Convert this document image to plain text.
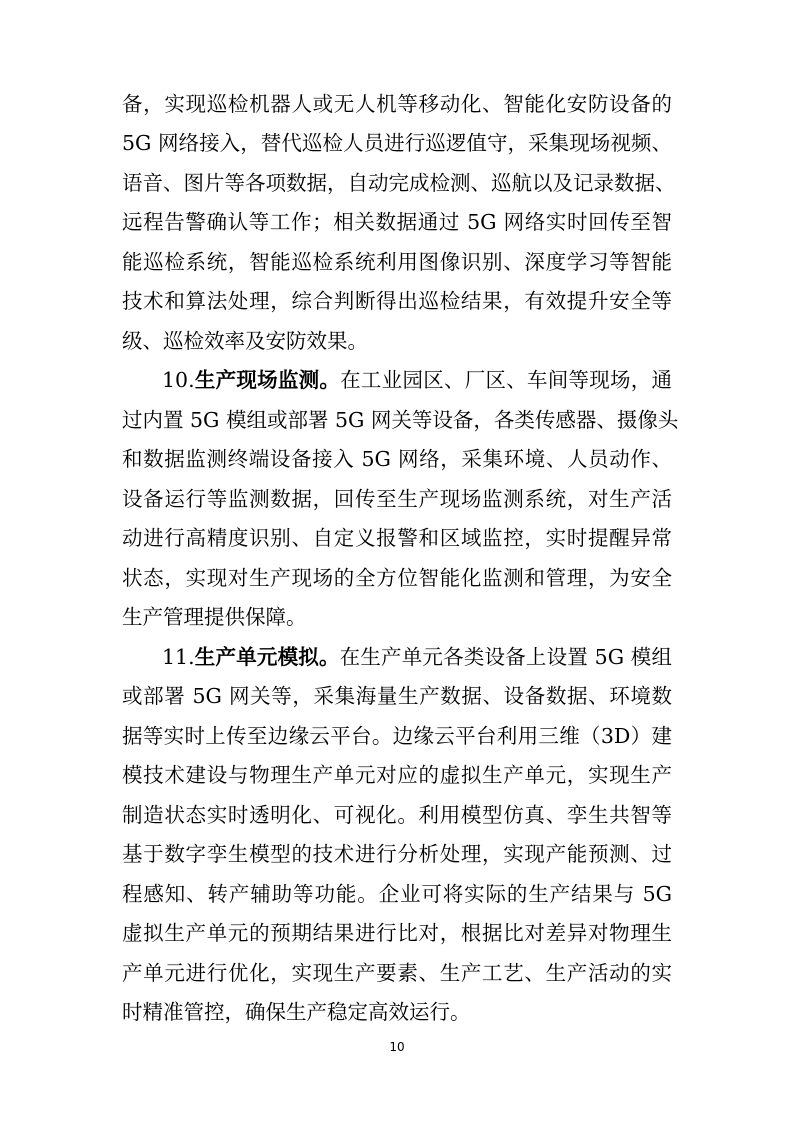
备，实现巡检机器人或无人机等移动化、智能化安防设备的
5G 网络接入，替代巡检人员进行巡逻值守，采集现场视频、
语音、图片等各项数据，自动完成检测、巡航以及记录数据、
远程告警确认等工作；相关数据通过 5G 网络实时回传至智
能巡检系统，智能巡检系统利用图像识别、深度学习等智能
技术和算法处理，综合判断得出巡检结果，有效提升安全等
级、巡检效率及安防效果。
10.生产现场监测。在工业园区、厂区、车间等现场，通
过内置 5G 模组或部署 5G 网关等设备，各类传感器、摄像头
和数据监测终端设备接入 5G 网络，采集环境、人员动作、
设备运行等监测数据，回传至生产现场监测系统，对生产活
动进行高精度识别、自定义报警和区域监控，实时提醒异常
状态，实现对生产现场的全方位智能化监测和管理，为安全
生产管理提供保障。
11.生产单元模拟。在生产单元各类设备上设置 5G 模组
或部署 5G 网关等，采集海量生产数据、设备数据、环境数
据等实时上传至边缘云平台。边缘云平台利用三维（3D）建
模技术建设与物理生产单元对应的虚拟生产单元，实现生产
制造状态实时透明化、可视化。利用模型仿真、孪生共智等
基于数字孪生模型的技术进行分析处理，实现产能预测、过
程感知、转产辅助等功能。企业可将实际的生产结果与 5G
虚拟生产单元的预期结果进行比对，根据比对差异对物理生
产单元进行优化，实现生产要素、生产工艺、生产活动的实
时精准管控，确保生产稳定高效运行。
10
